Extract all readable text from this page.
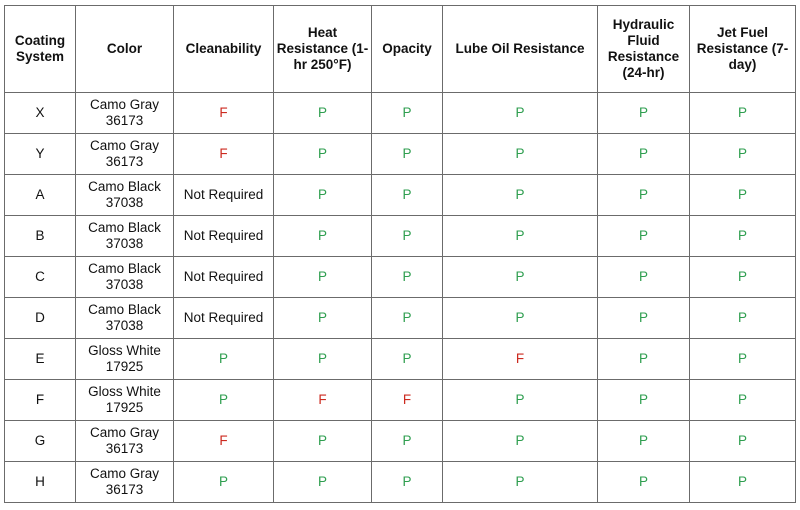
Coating System	Color	Cleanability	Heat Resistance (1-hr 250°F)	Opacity	Lube Oil Resistance	Hydraulic Fluid Resistance (24-hr)	Jet Fuel Resistance (7-day)
X	Camo Gray 36173	F	P	P	P	P	P
Y	Camo Gray 36173	F	P	P	P	P	P
A	Camo Black 37038	Not Required	P	P	P	P	P
B	Camo Black 37038	Not Required	P	P	P	P	P
C	Camo Black 37038	Not Required	P	P	P	P	P
D	Camo Black 37038	Not Required	P	P	P	P	P
E	Gloss White 17925	P	P	P	F	P	P
F	Gloss White 17925	P	F	F	P	P	P
G	Camo Gray 36173	F	P	P	P	P	P
H	Camo Gray 36173	P	P	P	P	P	P
